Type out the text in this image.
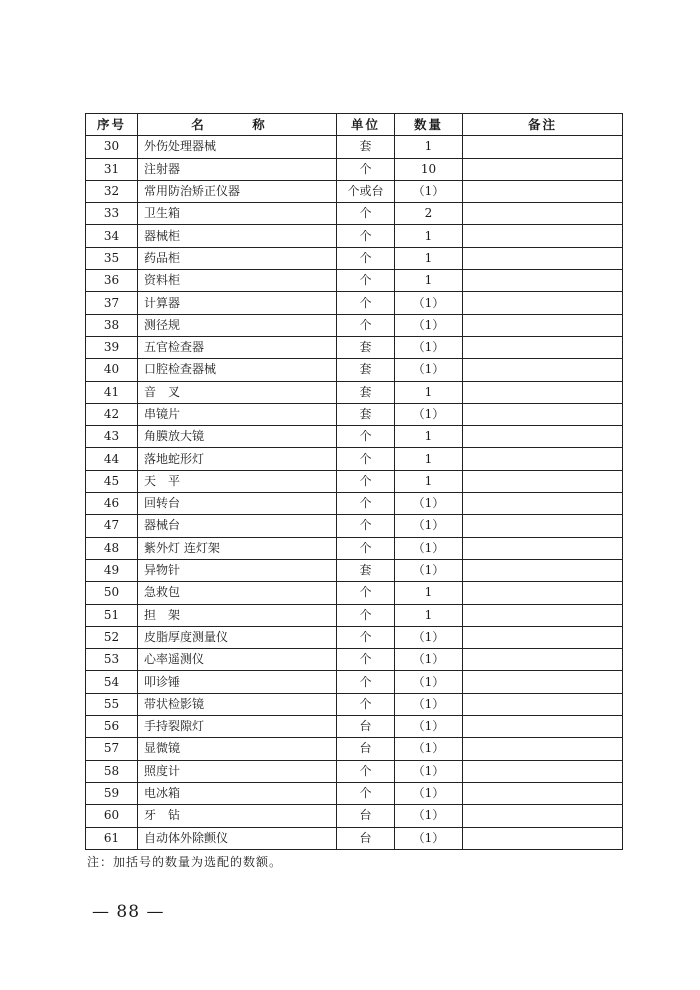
序号	名　称	单位	数量	备注
30	外伤处理器械	套	1	
31	注射器	个	10	
32	常用防治矫正仪器	个或台	（1）	
33	卫生箱	个	2	
34	器械柜	个	1	
35	药品柜	个	1	
36	资料柜	个	1	
37	计算器	个	（1）	
38	测径规	个	（1）	
39	五官检查器	套	（1）	
40	口腔检查器械	套	（1）	
41	音　叉	套	1	
42	串镜片	套	（1）	
43	角膜放大镜	个	1	
44	落地蛇形灯	个	1	
45	天　平	个	1	
46	回转台	个	（1）	
47	器械台	个	（1）	
48	紫外灯 连灯架	个	（1）	
49	异物针	套	（1）	
50	急救包	个	1	
51	担　架	个	1	
52	皮脂厚度测量仪	个	（1）	
53	心率遥测仪	个	（1）	
54	叩诊锤	个	（1）	
55	带状检影镜	个	（1）	
56	手持裂隙灯	台	（1）	
57	显微镜	台	（1）	
58	照度计	个	（1）	
59	电冰箱	个	（1）	
60	牙　钻	台	（1）	
61	自动体外除颤仪	台	（1）	
注：加括号的数量为选配的数额。
— 88 —
